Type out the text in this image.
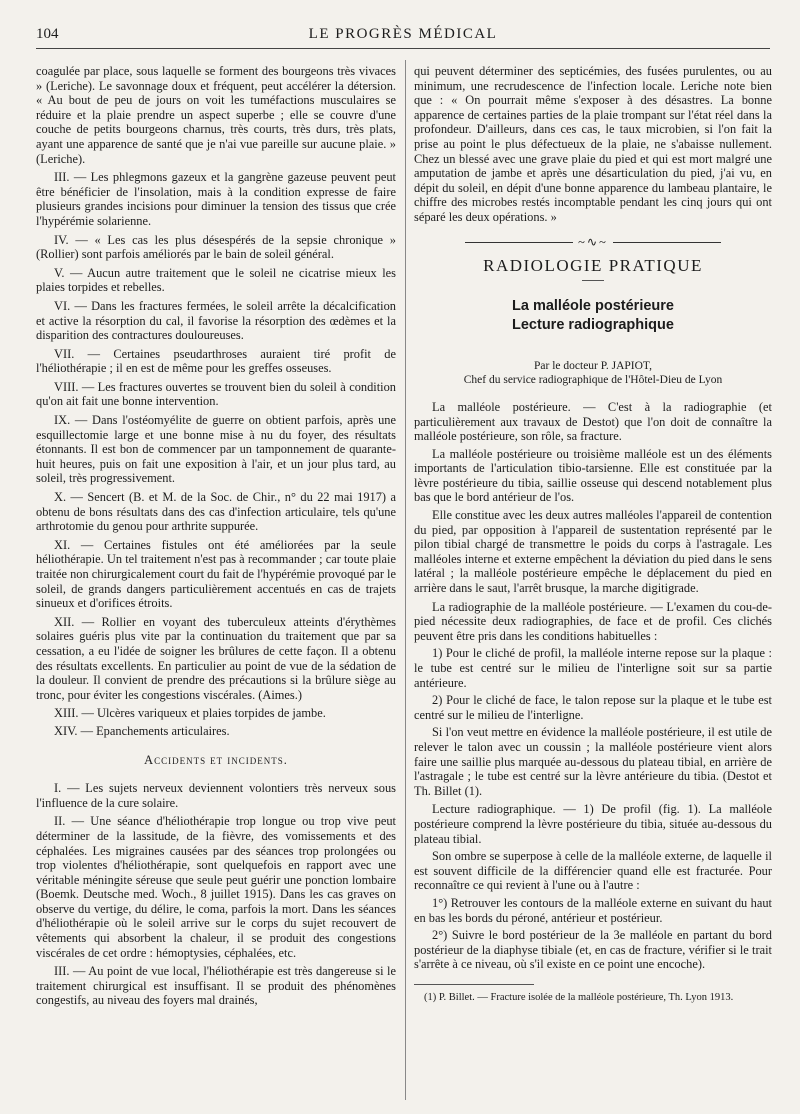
104	LE PROGRÈS MÉDICAL

coagulée par place, sous laquelle se forment des bourgeons très vivaces » (Leriche). Le savonnage doux et fréquent, peut accélérer la détersion. « Au bout de peu de jours on voit les tuméfactions musculaires se réduire et la plaie prendre un aspect superbe ; elle se couvre d'une couche de petits bourgeons charnus, très courts, très durs, très plats, ayant une apparence de santé que je n'ai vue pareille sur aucune plaie. » (Leriche).

III. — Les phlegmons gazeux et la gangrène gazeuse peuvent peut être bénéficier de l'insolation, mais à la condition expresse de faire plusieurs grandes incisions pour diminuer la tension des tissus que crée l'hypérémie solarienne.

IV. — « Les cas les plus désespérés de la sepsie chronique » (Rollier) sont parfois améliorés par le bain de soleil général.

V. — Aucun autre traitement que le soleil ne cicatrise mieux les plaies torpides et rebelles.

VI. — Dans les fractures fermées, le soleil arrête la décalcification et active la résorption du cal, il favorise la résorption des œdèmes et la disparition des contractures douloureuses.

VII. — Certaines pseudarthroses auraient tiré profit de l'héliothérapie ; il en est de même pour les greffes osseuses.

VIII. — Les fractures ouvertes se trouvent bien du soleil à condition qu'on ait fait une bonne intervention.

IX. — Dans l'ostéomyélite de guerre on obtient parfois, après une esquillectomie large et une bonne mise à nu du foyer, des résultats étonnants. Il est bon de commencer par un tamponnement de quarante-huit heures, puis on fait une exposition à l'air, et un jour plus tard, au soleil, très progressivement.

X. — Sencert (B. et M. de la Soc. de Chir., n° du 22 mai 1917) a obtenu de bons résultats dans des cas d'infection articulaire, tels qu'une arthrotomie du genou pour arthrite suppurée.

XI. — Certaines fistules ont été améliorées par la seule héliothérapie. Un tel traitement n'est pas à recommander ; car toute plaie traitée non chirurgicalement court du fait de l'hypérémie provoqué par le soleil, de grands dangers particulièrement accentués en cas de trajets sinueux et d'orifices étroits.

XII. — Rollier en voyant des tuberculeux atteints d'érythèmes solaires guéris plus vite par la continuation du traitement que par sa cessation, a eu l'idée de soigner les brûlures de cette façon. Il a obtenu des résultats excellents. En particulier au point de vue de la sédation de la douleur. Il convient de prendre des précautions si la brûlure siège au tronc, pour éviter les congestions viscérales. (Aimes.)

XIII. — Ulcères variqueux et plaies torpides de jambe.

XIV. — Epanchements articulaires.

Accidents et incidents.

I. — Les sujets nerveux deviennent volontiers très nerveux sous l'influence de la cure solaire.

II. — Une séance d'héliothérapie trop longue ou trop vive peut déterminer de la lassitude, de la fièvre, des vomissements et des céphalées. Les migraines causées par des séances trop prolongées ou trop violentes d'héliothérapie, sont quelquefois en rapport avec une véritable méningite séreuse que seule peut guérir une ponction lombaire (Boemk. Deutsche med. Woch., 8 juillet 1915). Dans les cas graves on observe du vertige, du délire, le coma, parfois la mort. Dans les séances d'héliothérapie où le soleil arrive sur le corps du sujet recouvert de vêtements qui absorbent la chaleur, il se produit des congestions viscérales de cet ordre : hémoptysies, céphalées, etc.

III. — Au point de vue local, l'héliothérapie est très dangereuse si le traitement chirurgical est insuffisant. Il se produit des phénomènes congestifs, au niveau des foyers mal drainés,

qui peuvent déterminer des septicémies, des fusées purulentes, ou au minimum, une recrudescence de l'infection locale. Leriche note bien que : « On pourrait même s'exposer à des désastres. La bonne apparence de certaines parties de la plaie trompant sur l'état réel dans la profondeur. D'ailleurs, dans ces cas, le taux microbien, si l'on fait la prise au point le plus défectueux de la plaie, ne s'abaisse nullement. Chez un blessé avec une grave plaie du pied et qui est mort malgré une amputation de jambe et après une désarticulation du pied, j'ai vu, en dépit du soleil, en dépit d'une bonne apparence du lambeau plantaire, le chiffre des microbes restés incomptable pendant les cinq jours qui ont séparé les deux opérations. »

~∿~

RADIOLOGIE PRATIQUE

La malléole postérieure

Lecture radiographique

Par le docteur P. JAPIOT,

Chef du service radiographique de l'Hôtel-Dieu de Lyon

La malléole postérieure. — C'est à la radiographie (et particulièrement aux travaux de Destot) que l'on doit de connaître la malléole postérieure, son rôle, sa fracture.

La malléole postérieure ou troisième malléole est un des éléments importants de l'articulation tibio-tarsienne. Elle est constituée par la lèvre postérieure du tibia, saillie osseuse qui descend notablement plus bas que le bord antérieur de l'os.

Elle constitue avec les deux autres malléoles l'appareil de contention du pied, par opposition à l'appareil de sustentation représenté par le pilon tibial chargé de transmettre le poids du corps à l'astragale. Les malléoles interne et externe empêchent la déviation du pied dans le sens latéral ; la malléole postérieure empêche le déplacement du pied en arrière dans le saut, l'arrêt brusque, la marche digitigrade.

La radiographie de la malléole postérieure. — L'examen du cou-de-pied nécessite deux radiographies, de face et de profil. Ces clichés peuvent être pris dans les conditions habituelles :

1) Pour le cliché de profil, la malléole interne repose sur la plaque : le tube est centré sur le milieu de l'interligne soit sur sa partie antérieure.

2) Pour le cliché de face, le talon repose sur la plaque et le tube est centré sur le milieu de l'interligne.

Si l'on veut mettre en évidence la malléole postérieure, il est utile de relever le talon avec un coussin ; la malléole postérieure vient alors faire une saillie plus marquée au-dessous du plateau tibial, en arrière de l'astragale ; le tube est centré sur la lèvre antérieure du tibia. (Destot et Th. Billet (1).

Lecture radiographique. — 1) De profil (fig. 1). La malléole postérieure comprend la lèvre postérieure du tibia, située au-dessous du plateau tibial.

Son ombre se superpose à celle de la malléole externe, de laquelle il est souvent difficile de la différencier quand elle est fracturée. Pour reconnaître ce qui revient à l'une ou à l'autre :

1°) Retrouver les contours de la malléole externe en suivant du haut en bas les bords du péroné, antérieur et postérieur.

2°) Suivre le bord postérieur de la 3e malléole en partant du bord postérieur de la diaphyse tibiale (et, en cas de fracture, vérifier si le trait s'arrête à ce niveau, où s'il existe en ce point une encoche).

(1) P. Billet. — Fracture isolée de la malléole postérieure, Th. Lyon 1913.
